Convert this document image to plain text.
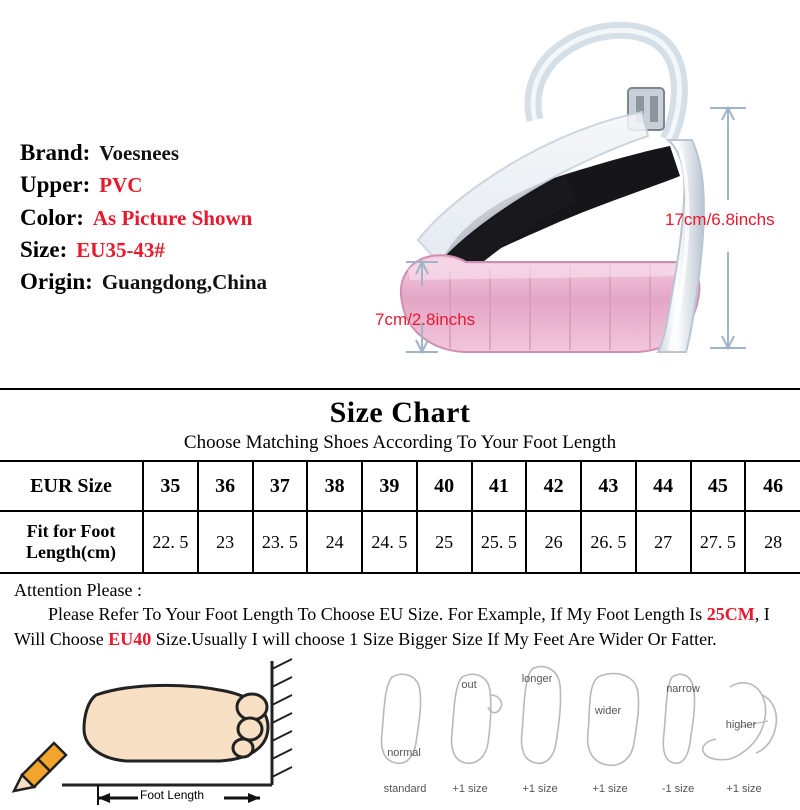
Brand: Voesnees
Upper: PVC
Color: As Picture Shown
Size: EU35-43#
Origin: Guangdong,China
17cm/6.8inchs
7cm/2.8inchs
Size Chart
Choose Matching Shoes According To Your Foot Length
EUR Size	35	36	37	38	39	40	41	42	43	44	45	46
Fit for Foot Length(cm)	22. 5	23	23. 5	24	24. 5	25	25. 5	26	26. 5	27	27. 5	28
Attention Please :
Please Refer To Your Foot Length To Choose EU Size. For Example, If My Foot Length Is 25CM, I Will Choose EU40 Size.Usually I will choose 1 Size Bigger Size If My Feet Are Wider Or Fatter.
Foot Length
normal
out	longer
wider
narrow
higher
standard	+1 size	+1 size	+1 size	-1 size	+1 size
